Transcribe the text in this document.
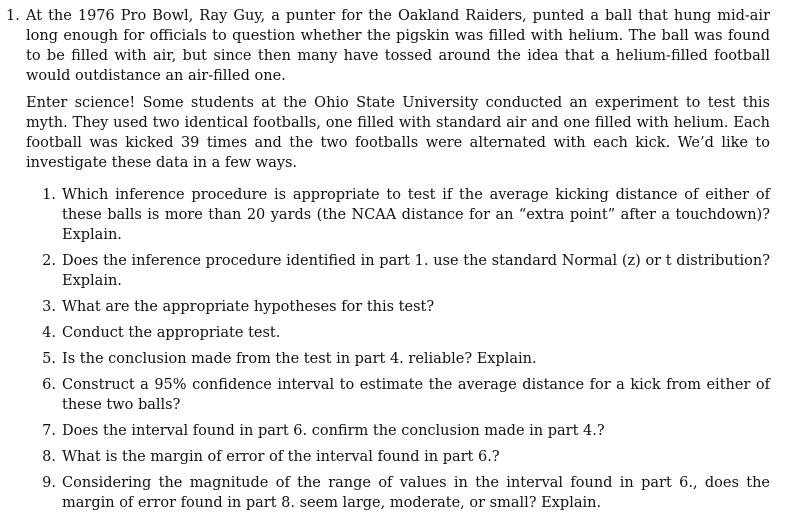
1. At the 1976 Pro Bowl, Ray Guy, a punter for the Oakland Raiders, punted a ball that hung mid-air long enough for officials to question whether the pigskin was filled with helium. The ball was found to be filled with air, but since then many have tossed around the idea that a helium-filled football would outdistance an air-filled one.

Enter science! Some students at the Ohio State University conducted an experiment to test this myth. They used two identical footballs, one filled with standard air and one filled with helium. Each football was kicked 39 times and the two footballs were alternated with each kick. We’d like to investigate these data in a few ways.

1. Which inference procedure is appropriate to test if the average kicking distance of either of these balls is more than 20 yards (the NCAA distance for an “extra point” after a touchdown)? Explain.
2. Does the inference procedure identified in part 1. use the standard Normal (z) or t distribution? Explain.
3. What are the appropriate hypotheses for this test?
4. Conduct the appropriate test.
5. Is the conclusion made from the test in part 4. reliable? Explain.
6. Construct a 95% confidence interval to estimate the average distance for a kick from either of these two balls?
7. Does the interval found in part 6. confirm the conclusion made in part 4.?
8. What is the margin of error of the interval found in part 6.?
9. Considering the magnitude of the range of values in the interval found in part 6., does the margin of error found in part 8. seem large, moderate, or small? Explain.
